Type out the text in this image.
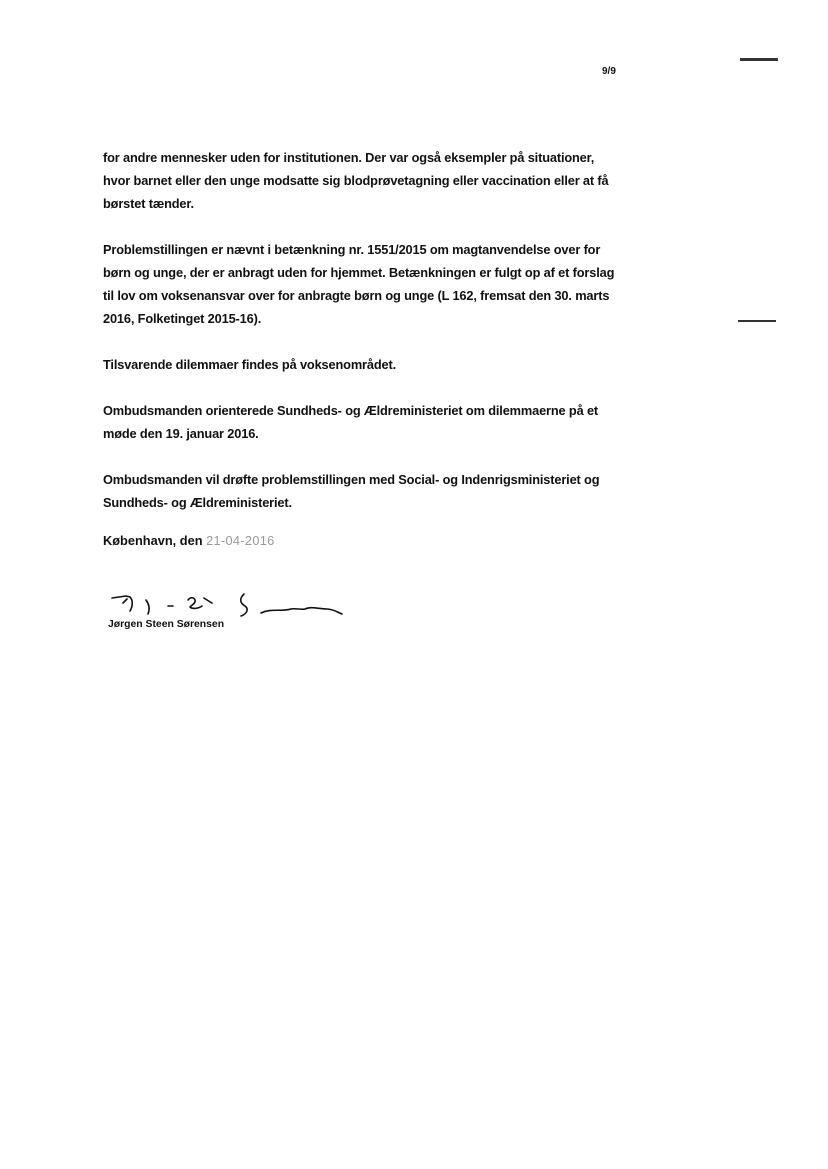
9/9

for andre mennesker uden for institutionen. Der var også eksempler på situationer, hvor barnet eller den unge modsatte sig blodprøvetagning eller vaccination eller at få børstet tænder.

Problemstillingen er nævnt i betænkning nr. 1551/2015 om magtanvendelse over for børn og unge, der er anbragt uden for hjemmet. Betænkningen er fulgt op af et forslag til lov om voksenansvar over for anbragte børn og unge (L 162, fremsat den 30. marts 2016, Folketinget 2015-16).

Tilsvarende dilemmaer findes på voksenområdet.

Ombudsmanden orienterede Sundheds- og Ældreministeriet om dilemmaerne på et møde den 19. januar 2016.

Ombudsmanden vil drøfte problemstillingen med Social- og Indenrigsministeriet og Sundheds- og Ældreministeriet.

København, den 21-04-2016
Jørgen Steen Sørensen
